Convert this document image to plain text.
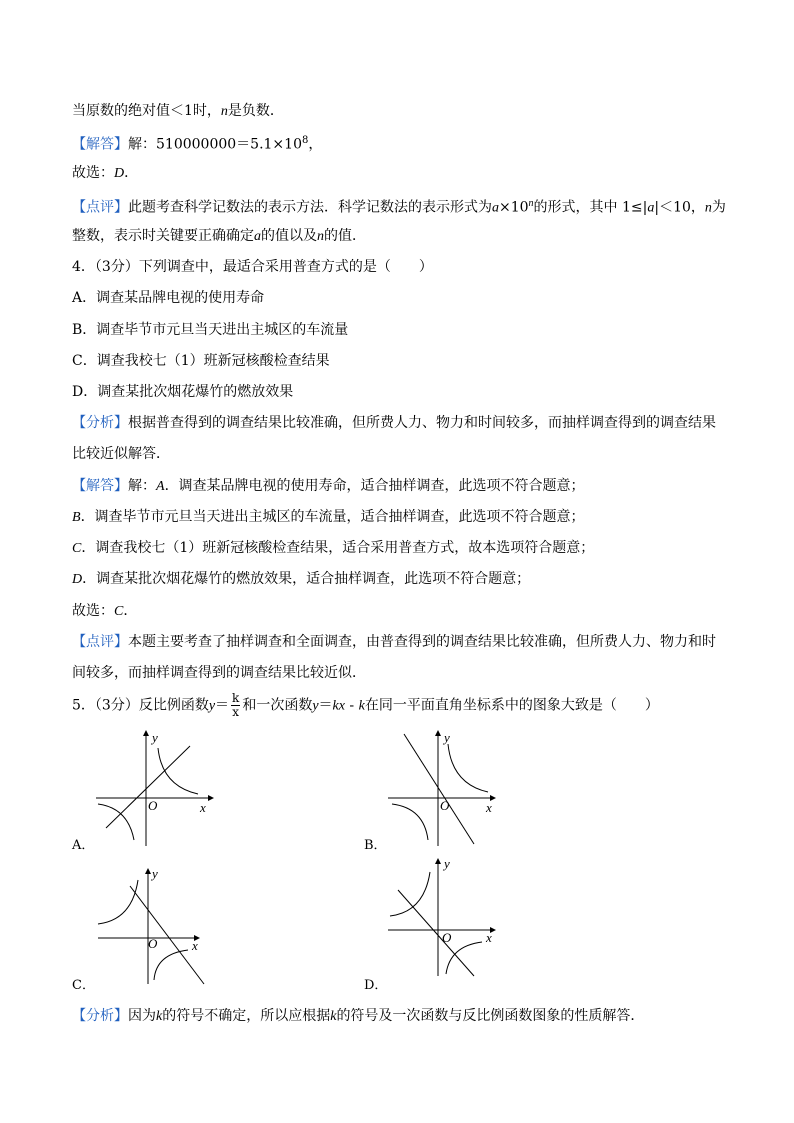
当原数的绝对值＜1时，n是负数．
【解答】解：$510000000=5.1\times 10^8$，
故选：D．
【点评】此题考查科学记数法的表示方法．科学记数法的表示形式为$a\times 10^n$的形式，其中 1≤|a|＜10，n为
整数，表示时关键要正确确定a的值以及n的值．
4．（3分）下列调查中，最适合采用普查方式的是（　　）
A．调查某品牌电视的使用寿命
B．调查毕节市元旦当天进出主城区的车流量
C．调查我校七（1）班新冠核酸检查结果
D．调查某批次烟花爆竹的燃放效果
【分析】根据普查得到的调查结果比较准确，但所费人力、物力和时间较多，而抽样调查得到的调查结果
比较近似解答．
【解答】解：A．调查某品牌电视的使用寿命，适合抽样调查，此选项不符合题意；
B．调查毕节市元旦当天进出主城区的车流量，适合抽样调查，此选项不符合题意；
C．调查我校七（1）班新冠核酸检查结果，适合采用普查方式，故本选项符合题意；
D．调查某批次烟花爆竹的燃放效果，适合抽样调查，此选项不符合题意；
故选：C．
【点评】本题主要考查了抽样调查和全面调查，由普查得到的调查结果比较准确，但所费人力、物力和时
间较多，而抽样调查得到的调查结果比较近似．
5．（3分）反比例函数$y= \frac{k}{x}$ 和一次函数y＝kx - k在同一平面直角坐标系中的图象大致是（　　）
x
y
O
A．
x
y
O
B．
x
y
O
C．
x
y
O
D．
【分析】因为k的符号不确定，所以应根据k的符号及一次函数与反比例函数图象的性质解答．
